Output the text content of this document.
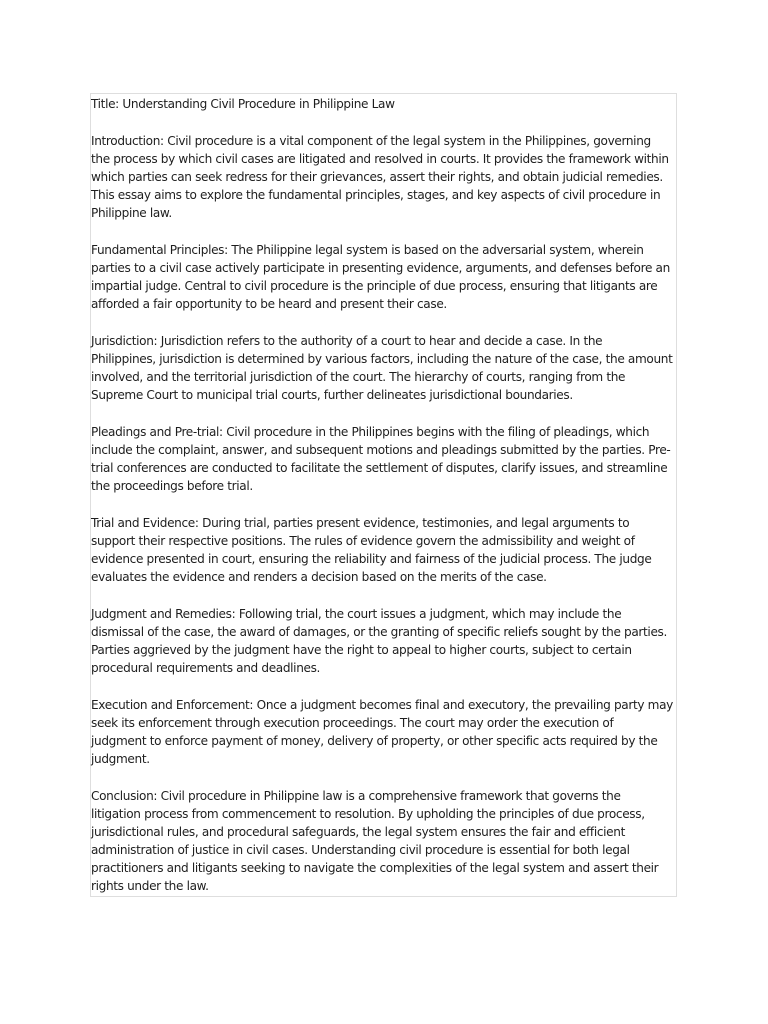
Title: Understanding Civil Procedure in Philippine Law
Introduction: Civil procedure is a vital component of the legal system in the Philippines, governing
the process by which civil cases are litigated and resolved in courts. It provides the framework within
which parties can seek redress for their grievances, assert their rights, and obtain judicial remedies.
This essay aims to explore the fundamental principles, stages, and key aspects of civil procedure in
Philippine law.
Fundamental Principles: The Philippine legal system is based on the adversarial system, wherein
parties to a civil case actively participate in presenting evidence, arguments, and defenses before an
impartial judge. Central to civil procedure is the principle of due process, ensuring that litigants are
afforded a fair opportunity to be heard and present their case.
Jurisdiction: Jurisdiction refers to the authority of a court to hear and decide a case. In the
Philippines, jurisdiction is determined by various factors, including the nature of the case, the amount
involved, and the territorial jurisdiction of the court. The hierarchy of courts, ranging from the
Supreme Court to municipal trial courts, further delineates jurisdictional boundaries.
Pleadings and Pre-trial: Civil procedure in the Philippines begins with the filing of pleadings, which
include the complaint, answer, and subsequent motions and pleadings submitted by the parties. Pre-
trial conferences are conducted to facilitate the settlement of disputes, clarify issues, and streamline
the proceedings before trial.
Trial and Evidence: During trial, parties present evidence, testimonies, and legal arguments to
support their respective positions. The rules of evidence govern the admissibility and weight of
evidence presented in court, ensuring the reliability and fairness of the judicial process. The judge
evaluates the evidence and renders a decision based on the merits of the case.
Judgment and Remedies: Following trial, the court issues a judgment, which may include the
dismissal of the case, the award of damages, or the granting of specific reliefs sought by the parties.
Parties aggrieved by the judgment have the right to appeal to higher courts, subject to certain
procedural requirements and deadlines.
Execution and Enforcement: Once a judgment becomes final and executory, the prevailing party may
seek its enforcement through execution proceedings. The court may order the execution of
judgment to enforce payment of money, delivery of property, or other specific acts required by the
judgment.
Conclusion: Civil procedure in Philippine law is a comprehensive framework that governs the
litigation process from commencement to resolution. By upholding the principles of due process,
jurisdictional rules, and procedural safeguards, the legal system ensures the fair and efficient
administration of justice in civil cases. Understanding civil procedure is essential for both legal
practitioners and litigants seeking to navigate the complexities of the legal system and assert their
rights under the law.
